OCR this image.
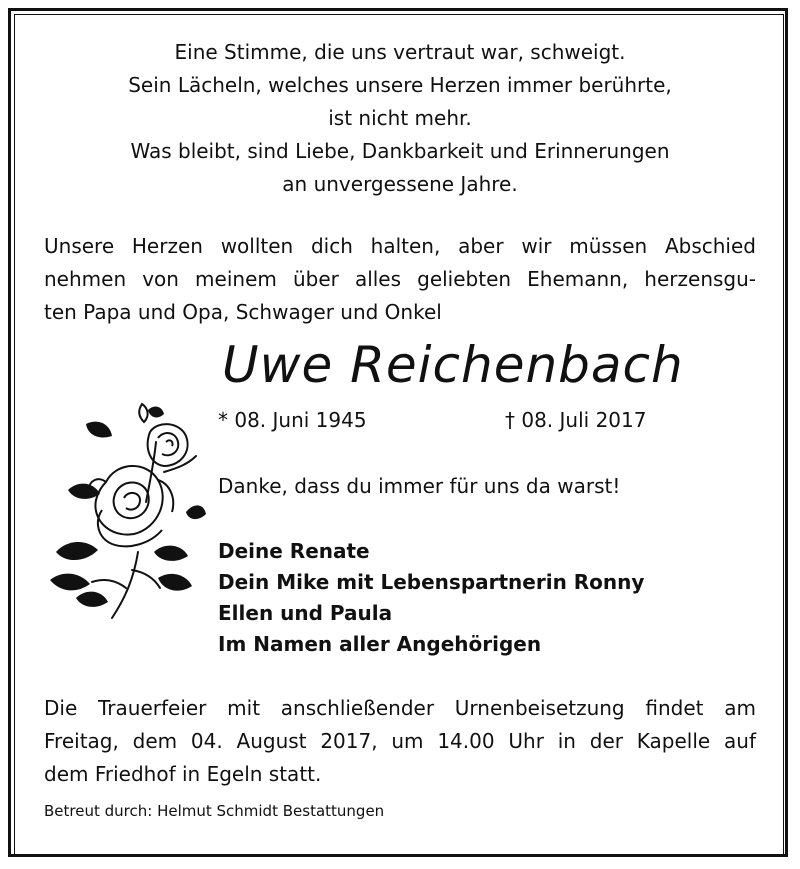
Eine Stimme, die uns vertraut war, schweigt.
Sein Lächeln, welches unsere Herzen immer berührte,
ist nicht mehr.
Was bleibt, sind Liebe, Dankbarkeit und Erinnerungen
an unvergessene Jahre.
Unsere Herzen wollten dich halten, aber wir müssen Abschied
nehmen von meinem über alles geliebten Ehemann, herzensgu-
ten Papa und Opa, Schwager und Onkel
Uwe Reichenbach
* 08. Juni 1945	† 08. Juli 2017
Danke, dass du immer für uns da warst!
Deine Renate
Dein Mike mit Lebenspartnerin Ronny
Ellen und Paula
Im Namen aller Angehörigen
Die Trauerfeier mit anschließender Urnenbeisetzung findet am
Freitag, dem 04. August 2017, um 14.00 Uhr in der Kapelle auf
dem Friedhof in Egeln statt.
Betreut durch: Helmut Schmidt Bestattungen
